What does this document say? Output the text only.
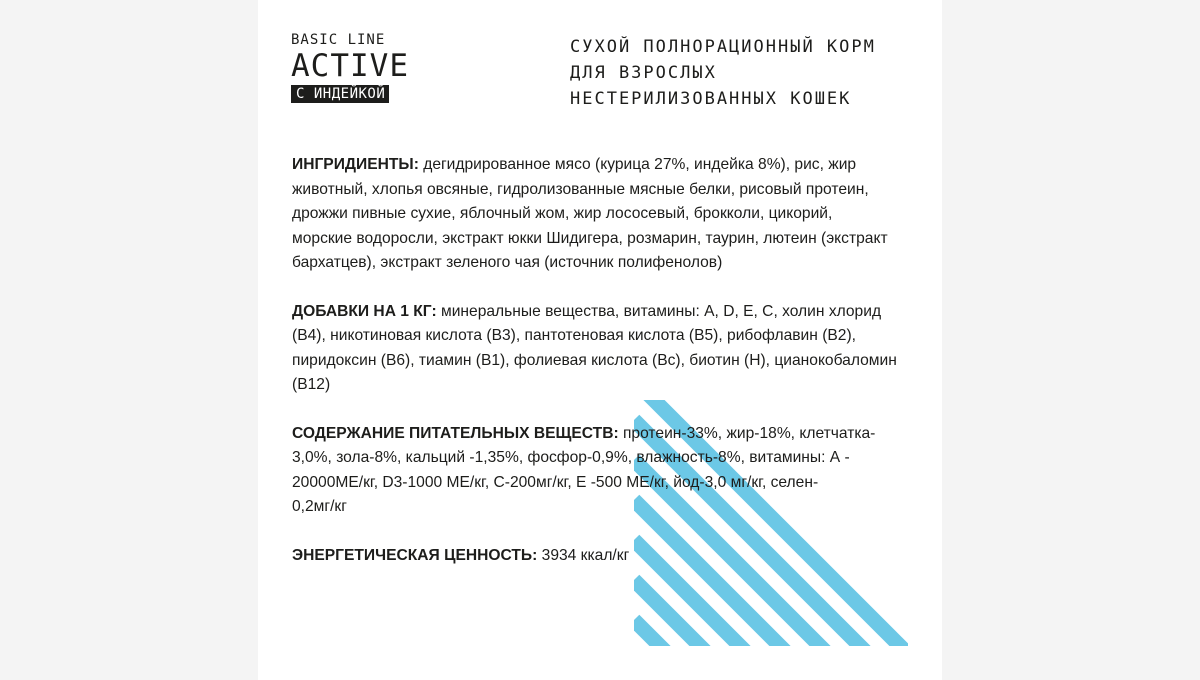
BASIC LINE
ACTIVE
С ИНДЕЙКОЙ
СУХОЙ ПОЛНОРАЦИОННЫЙ КОРМ
ДЛЯ ВЗРОСЛЫХ
НЕСТЕРИЛИЗОВАННЫХ КОШЕК
ИНГРИДИЕНТЫ: дегидрированное мясо (курица 27%, индейка 8%), рис, жир
животный, хлопья овсяные, гидролизованные мясные белки, рисовый протеин,
дрожжи пивные сухие, яблочный жом, жир лососевый, брокколи, цикорий,
морские водоросли, экстракт юкки Шидигера, розмарин, таурин, лютеин (экстракт
бархатцев), экстракт зеленого чая (источник полифенолов)
ДОБАВКИ НА 1 КГ: минеральные вещества, витамины: A, D, E, C, холин хлорид
(B4), никотиновая кислота (B3), пантотеновая кислота (B5), рибофлавин (B2),
пиридоксин (B6), тиамин (B1), фолиевая кислота (Bc), биотин (H), цианокобаломин
(B12)
СОДЕРЖАНИЕ ПИТАТЕЛЬНЫХ ВЕЩЕСТВ: протеин-33%, жир-18%, клетчатка-
3,0%, зола-8%, кальций -1,35%, фосфор-0,9%, влажность-8%, витамины: А -
20000МЕ/кг, D3-1000 МЕ/кг, С-200мг/кг, Е -500 МЕ/кг, йод-3,0 мг/кг, селен-
0,2мг/кг
ЭНЕРГЕТИЧЕСКАЯ ЦЕННОСТЬ: 3934 ккал/кг
